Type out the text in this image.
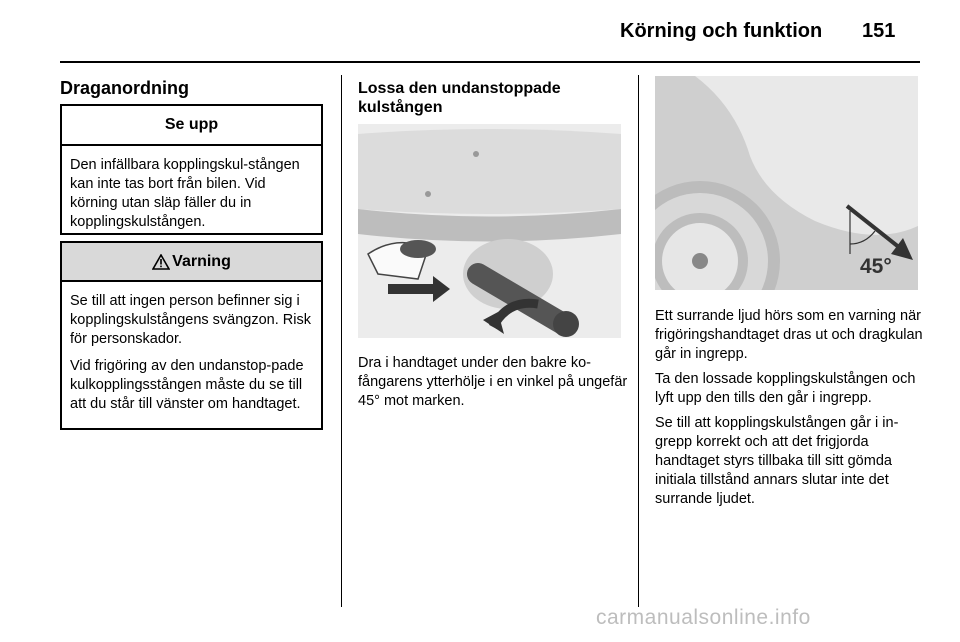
Körning och funktion 151
Draganordning
Se upp

Den infällbara kopplingskul-stången kan inte tas bort från bilen. Vid körning utan släp fäller du in kopplingskulstången.

Varning

Se till att ingen person befinner sig i kopplingskulstångens svängzon. Risk för personskador.

Vid frigöring av den undanstop-pade kulkopplingsstången måste du se till att du står till vänster om handtaget.

Lossa den undanstoppade kulstången

Dra i handtaget under den bakre ko-fångarens ytterhölje i en vinkel på ungefär 45° mot marken.

45°

Ett surrande ljud hörs som en varning när frigöringshandtaget dras ut och dragkulan går in ingrepp.

Ta den lossade kopplingskulstången och lyft upp den tills den går i ingrepp.

Se till att kopplingskulstången går i in-grepp korrekt och att det frigjorda handtaget styrs tillbaka till sitt gömda initiala tillstånd annars slutar inte det surrande ljudet.

carmanualsonline.info
